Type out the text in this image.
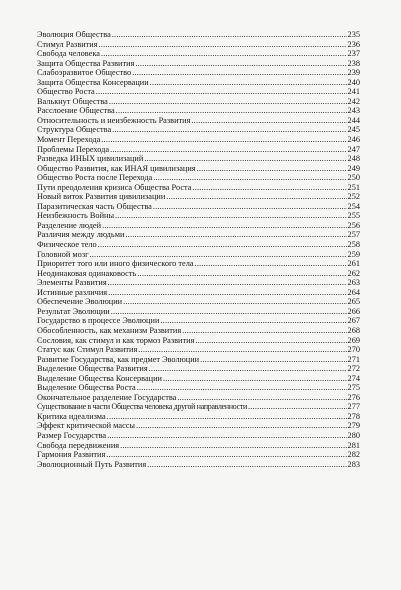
Эволюция Общества .....	235
Стимул Развития .....	236
Свобода человека .....	237
Защита Общества Развития .....	238
Слабоэразвитое Общество .....	239
Защита Общества Консервации .....	240
Общество Роста .....	241
Валькнут Общества .....	242
Расслоение Общества .....	243
Относительность и неизбежность Развития .....	244
Структура Общества .....	245
Момент Перехода .....	246
Проблемы Перехода .....	247
Разведка ИНЫХ цивилизаций .....	248
Общество Развития, как ИНАЯ цивилизация .....	249
Общество Роста после Перехода .....	250
Пути преодоления кризиса Общества Роста .....	251
Новый виток Развития цивилизации .....	252
Паразитическая часть Общества .....	254
Неизбежность Войны .....	255
Разделение людей .....	256
Различия между людьми .....	257
Физическое тело .....	258
Головной мозг .....	259
Приоритет того или иного физического тела .....	261
Неодинаковая одинаковость .....	262
Элементы Развития .....	263
Истинные различия .....	264
Обеспечение Эволюции .....	265
Результат Эволюции .....	266
Государство в процессе Эволюции .....	267
Обособленность, как механизм Развития .....	268
Сословия, как стимул и как тормоз Развития .....	269
Статус как Стимул Развития .....	270
Развитие Государства, как предмет Эволюции .....	271
Выделение Общества Развития .....	272
Выделение Общества Консервации .....	274
Выделение Общества Роста .....	275
Окончательное разделение Государства .....	276
Существование в части Общества человека другой направленности .....	277
Критика идеализма .....	278
Эффект критической массы .....	279
Размер Государства .....	280
Свобода передвижения .....	281
Гармония Развития .....	282
Эволюционный Путь Развития .....	283
